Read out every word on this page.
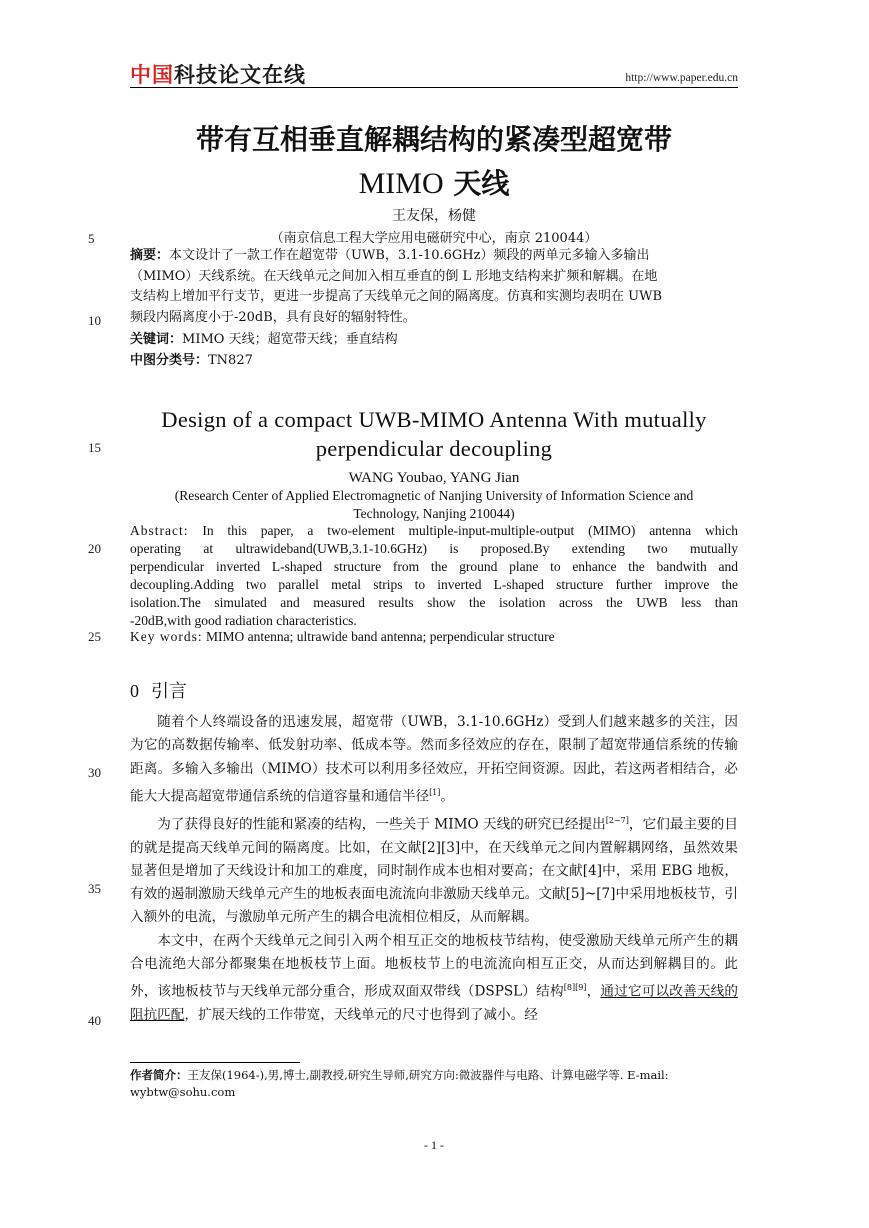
中国科技论文在线	http://www.paper.edu.cn
带有互相垂直解耦结构的紧凑型超宽带
MIMO 天线
王友保，杨健
（南京信息工程大学应用电磁研究中心，南京 210044）
5
10
15
20
25
30
35
40
摘要：本文设计了一款工作在超宽带（UWB，3.1-10.6GHz）频段的两单元多输入多输出
（MIMO）天线系统。在天线单元之间加入相互垂直的倒 L 形地支结构来扩频和解耦。在地
支结构上增加平行支节，更进一步提高了天线单元之间的隔离度。仿真和实测均表明在 UWB
频段内隔离度小于-20dB，具有良好的辐射特性。
关键词：MIMO 天线；超宽带天线；垂直结构
中图分类号：TN827
Design of a compact UWB-MIMO Antenna With mutually
perpendicular decoupling
WANG Youbao, YANG Jian
(Research Center of Applied Electromagnetic of Nanjing University of Information Science and
Technology, Nanjing 210044)
Abstract: In this paper, a two-element multiple-input-multiple-output (MIMO) antenna which
operating at ultrawideband(UWB,3.1-10.6GHz) is proposed.By extending two mutually
perpendicular inverted L-shaped structure from the ground plane to enhance the bandwith and
decoupling.Adding two parallel metal strips to inverted L-shaped structure further improve the
isolation.The simulated and measured results show the isolation across the UWB less than
-20dB,with good radiation characteristics.
Key words: MIMO antenna; ultrawide band antenna; perpendicular structure
0 引言

随着个人终端设备的迅速发展，超宽带（UWB，3.1-10.6GHz）受到人们越来越多的关注，因为它的高数据传输率、低发射功率、低成本等。然而多径效应的存在，限制了超宽带通信系统的传输距离。多输入多输出（MIMO）技术可以利用多径效应，开拓空间资源。因此，若这两者相结合，必能大大提高超宽带通信系统的信道容量和通信半径[1]。

为了获得良好的性能和紧凑的结构，一些关于 MIMO 天线的研究已经提出[2~7]，它们最主要的目的就是提高天线单元间的隔离度。比如，在文献[2][3]中，在天线单元之间内置解耦网络，虽然效果显著但是增加了天线设计和加工的难度，同时制作成本也相对要高；在文献[4]中，采用 EBG 地板，有效的遏制激励天线单元产生的地板表面电流流向非激励天线单元。文献[5]~[7]中采用地板枝节，引入额外的电流，与激励单元所产生的耦合电流相位相反，从而解耦。

本文中，在两个天线单元之间引入两个相互正交的地板枝节结构，使受激励天线单元所产生的耦合电流绝大部分都聚集在地板枝节上面。地板枝节上的电流流向相互正交，从而达到解耦目的。此外，该地板枝节与天线单元部分重合，形成双面双带线（DSPSL）结构[8][9]，通过它可以改善天线的阻抗匹配，扩展天线的工作带宽，天线单元的尺寸也得到了减小。经

作者简介：王友保(1964-),男,博士,副教授,研究生导师,研究方向:微波器件与电路、计算电磁学等. E-mail:
wybtw@sohu.com
- 1 -
